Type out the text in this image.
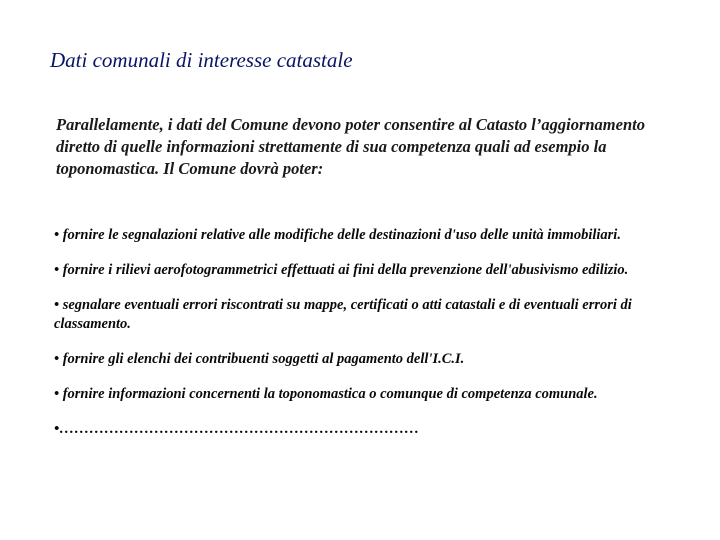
Dati comunali di interesse catastale
Parallelamente, i dati del Comune devono poter consentire al Catasto l’aggiornamento diretto di quelle informazioni strettamente di sua competenza quali ad esempio la toponomastica. Il Comune dovrà poter:
• fornire le segnalazioni relative alle modifiche delle destinazioni d'uso delle unità immobiliari.
• fornire i rilievi aerofotogrammetrici effettuati ai fini della prevenzione dell'abusivismo edilizio.
• segnalare eventuali errori riscontrati su mappe, certificati o atti catastali e di eventuali errori di classamento.
• fornire gli elenchi dei contribuenti soggetti al pagamento dell'I.C.I.
• fornire informazioni concernenti la toponomastica o comunque di competenza comunale.
•………………………………………………………………
